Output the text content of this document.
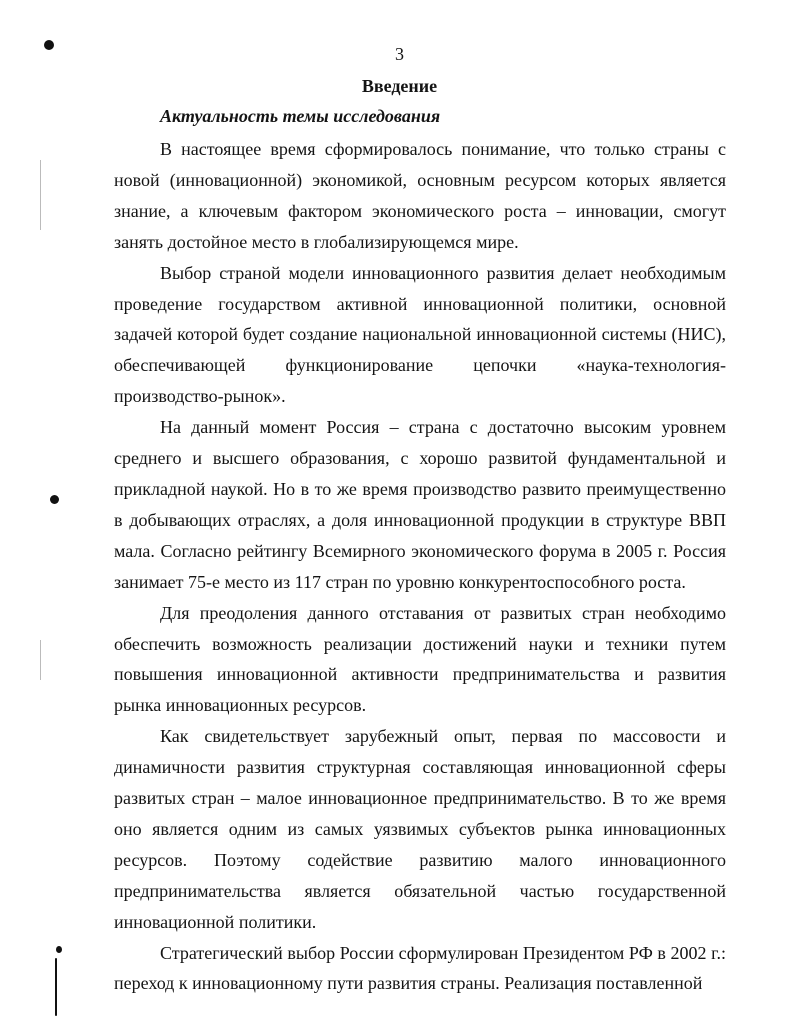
3
Введение
Актуальность темы исследования

В настоящее время сформировалось понимание, что только страны с новой (инновационной) экономикой, основным ресурсом которых является знание, а ключевым фактором экономического роста – инновации, смогут занять достойное место в глобализирующемся мире.

Выбор страной модели инновационного развития делает необходимым проведение государством активной инновационной политики, основной задачей которой будет создание национальной инновационной системы (НИС), обеспечивающей функционирование цепочки «наука-технология-производство-рынок».

На данный момент Россия – страна с достаточно высоким уровнем среднего и высшего образования, с хорошо развитой фундаментальной и прикладной наукой. Но в то же время производство развито преимущественно в добывающих отраслях, а доля инновационной продукции в структуре ВВП мала. Согласно рейтингу Всемирного экономического форума в 2005 г. Россия занимает 75-е место из 117 стран по уровню конкурентоспособного роста.

Для преодоления данного отставания от развитых стран необходимо обеспечить возможность реализации достижений науки и техники путем повышения инновационной активности предпринимательства и развития рынка инновационных ресурсов.

Как свидетельствует зарубежный опыт, первая по массовости и динамичности развития структурная составляющая инновационной сферы развитых стран – малое инновационное предпринимательство. В то же время оно является одним из самых уязвимых субъектов рынка инновационных ресурсов. Поэтому содействие развитию малого инновационного предпринимательства является обязательной частью государственной инновационной политики.

Стратегический выбор России сформулирован Президентом РФ в 2002 г.: переход к инновационному пути развития страны. Реализация поставленной
